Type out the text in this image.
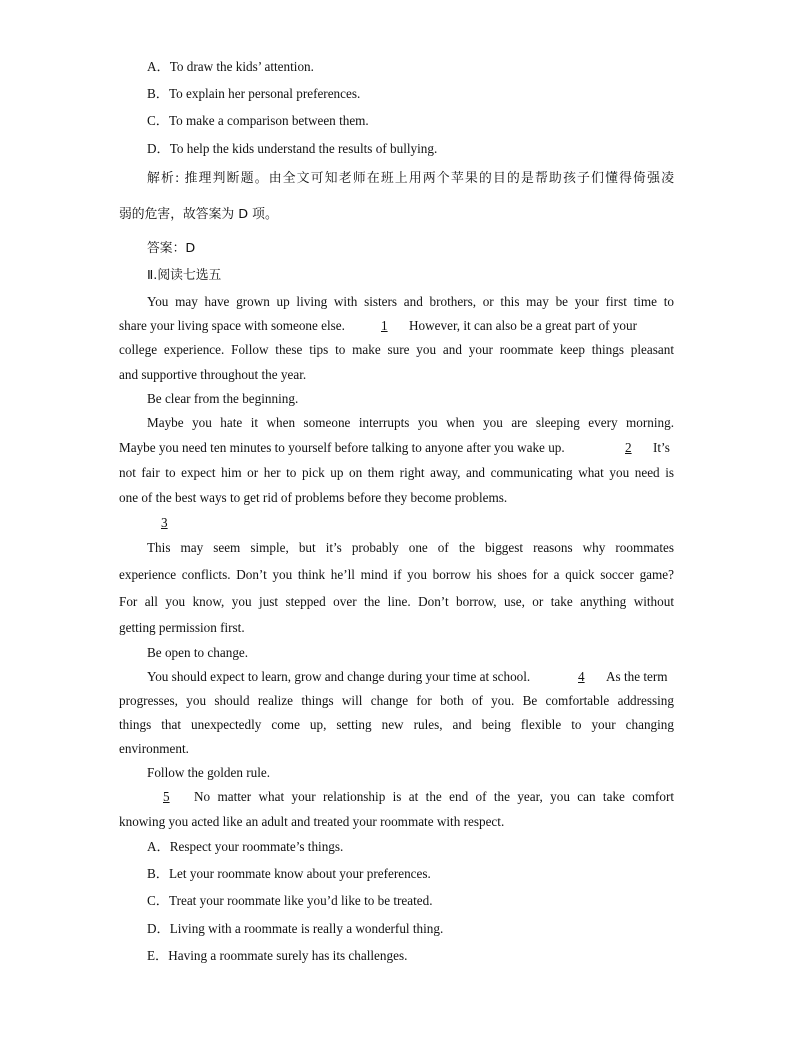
A．To draw the kids’ attention.
B．To explain her personal preferences.
C．To make a comparison between them.
D．To help the kids understand the results of bullying.
解析: 推理判断题。由全文可知老师在班上用两个苹果的目的是帮助孩子们懂得倚强凌
弱的危害，故答案为 D 项。
答案：D
Ⅱ.阅读七选五
You may have grown up living with sisters and brothers, or this may be your first time to
share your living space with someone else.	1 However, it can also be a great part of your
college experience. Follow these tips to make sure you and your roommate keep things pleasant
and supportive throughout the year.
Be clear from the beginning.
Maybe you hate it when someone interrupts you when you are sleeping every morning.
Maybe you need ten minutes to yourself before talking to anyone after you wake up.	2 It’s
not fair to expect him or her to pick up on them right away, and communicating what you need is
one of the best ways to get rid of problems before they become problems.
3
This may seem simple, but it’s probably one of the biggest reasons why roommates
experience conflicts. Don’t you think he’ll mind if you borrow his shoes for a quick soccer game?
For all you know, you just stepped over the line. Don’t borrow, use, or take anything without
getting permission first.
Be open to change.
You should expect to learn, grow and change during your time at school.	4 As the term
progresses, you should realize things will change for both of you. Be comfortable addressing
things that unexpectedly come up, setting new rules, and being flexible to your changing
environment.
Follow the golden rule.
5 No matter what your relationship is at the end of the year, you can take comfort
knowing you acted like an adult and treated your roommate with respect.
A．Respect your roommate’s things.
B．Let your roommate know about your preferences.
C．Treat your roommate like you’d like to be treated.
D．Living with a roommate is really a wonderful thing.
E．Having a roommate surely has its challenges.
